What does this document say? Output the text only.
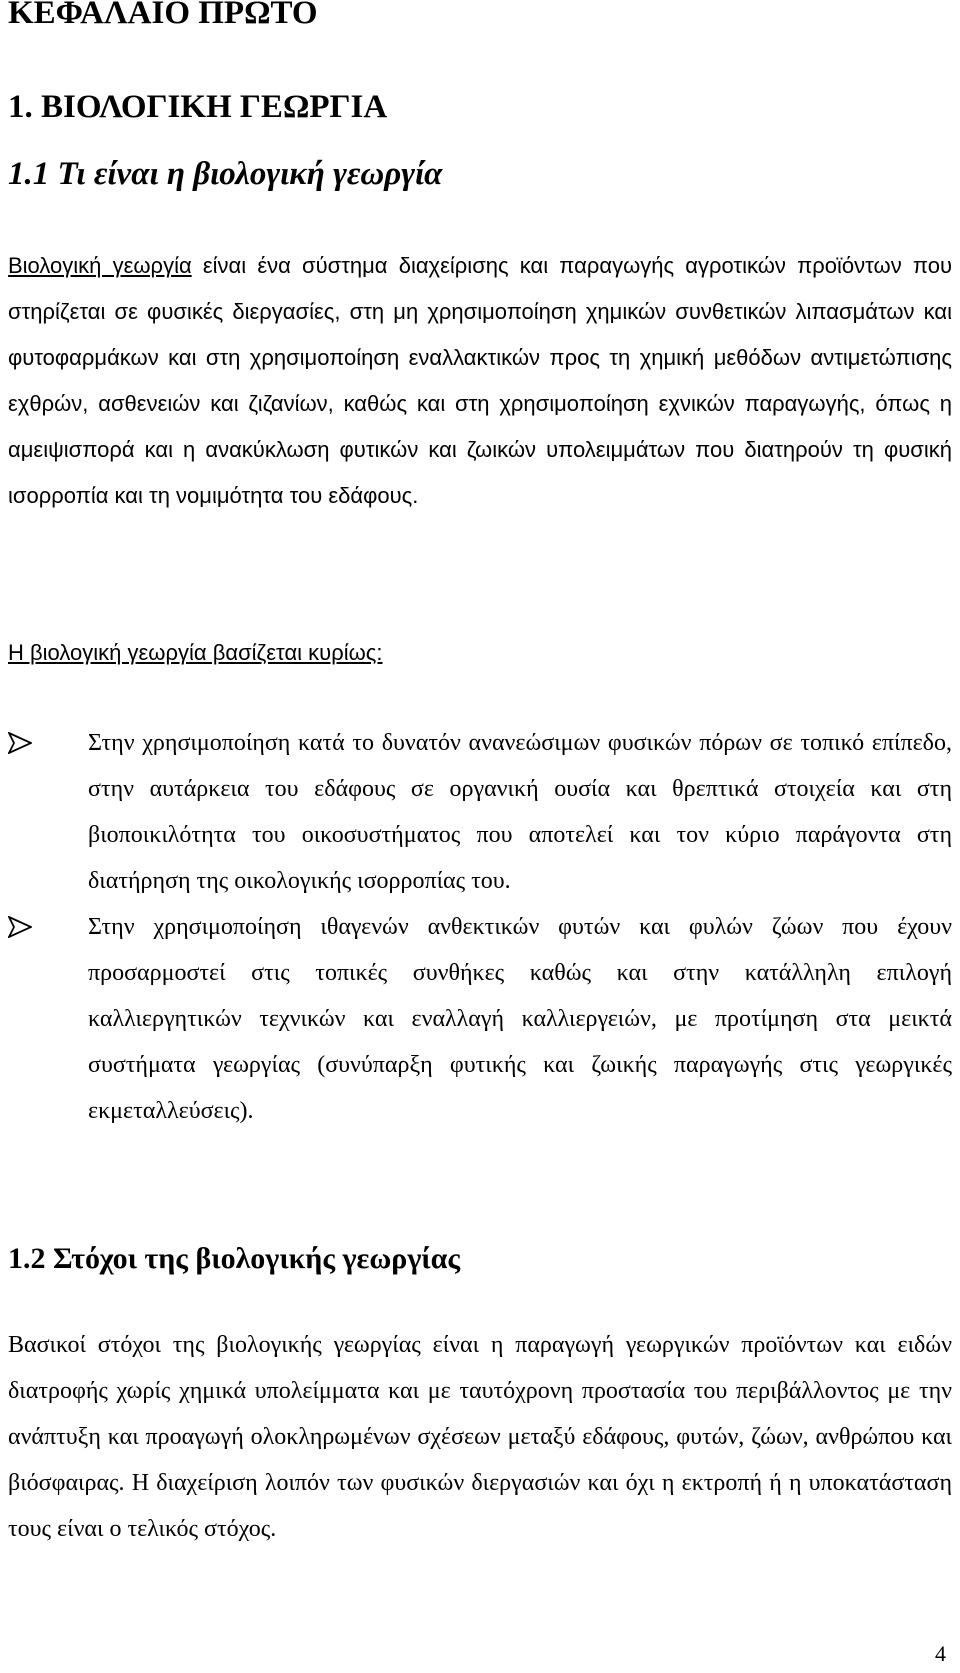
ΚΕΦΑΛΑΙΟ ΠΡΩΤΟ
1. ΒΙΟΛΟΓΙΚΗ ΓΕΩΡΓΙΑ
1.1 Τι είναι η βιολογική γεωργία

Βιολογική γεωργία είναι ένα σύστημα διαχείρισης και παραγωγής αγροτικών προϊόντων που στηρίζεται σε φυσικές διεργασίες, στη μη χρησιμοποίηση χημικών συνθετικών λιπασμάτων και φυτοφαρμάκων και στη χρησιμοποίηση εναλλακτικών προς τη χημική μεθόδων αντιμετώπισης εχθρών, ασθενειών και ζιζανίων, καθώς και στη χρησιμοποίηση εχνικών παραγωγής, όπως η αμειψισπορά και η ανακύκλωση φυτικών και ζωικών υπολειμμάτων που διατηρούν τη φυσική ισορροπία και τη νομιμότητα του εδάφους.

Η βιολογική γεωργία βασίζεται κυρίως:

Στην χρησιμοποίηση κατά το δυνατόν ανανεώσιμων φυσικών πόρων σε τοπικό επίπεδο, στην αυτάρκεια του εδάφους σε οργανική ουσία και θρεπτικά στοιχεία και στη βιοποικιλότητα του οικοσυστήματος που αποτελεί και τον κύριο παράγοντα στη διατήρηση της οικολογικής ισορροπίας του.
Στην χρησιμοποίηση ιθαγενών ανθεκτικών φυτών και φυλών ζώων που έχουν προσαρμοστεί στις τοπικές συνθήκες καθώς και στην κατάλληλη επιλογή καλλιεργητικών τεχνικών και εναλλαγή καλλιεργειών, με προτίμηση στα μεικτά συστήματα γεωργίας (συνύπαρξη φυτικής και ζωικής παραγωγής στις γεωργικές εκμεταλλεύσεις).
1.2 Στόχοι της βιολογικής γεωργίας

Βασικοί στόχοι της βιολογικής γεωργίας είναι η παραγωγή γεωργικών προϊόντων και ειδών διατροφής χωρίς χημικά υπολείμματα και με ταυτόχρονη προστασία του περιβάλλοντος με την ανάπτυξη και προαγωγή ολοκληρωμένων σχέσεων μεταξύ εδάφους, φυτών, ζώων, ανθρώπου και βιόσφαιρας. Η διαχείριση λοιπόν των φυσικών διεργασιών και όχι η εκτροπή ή η υποκατάσταση τους είναι ο τελικός στόχος.

4
